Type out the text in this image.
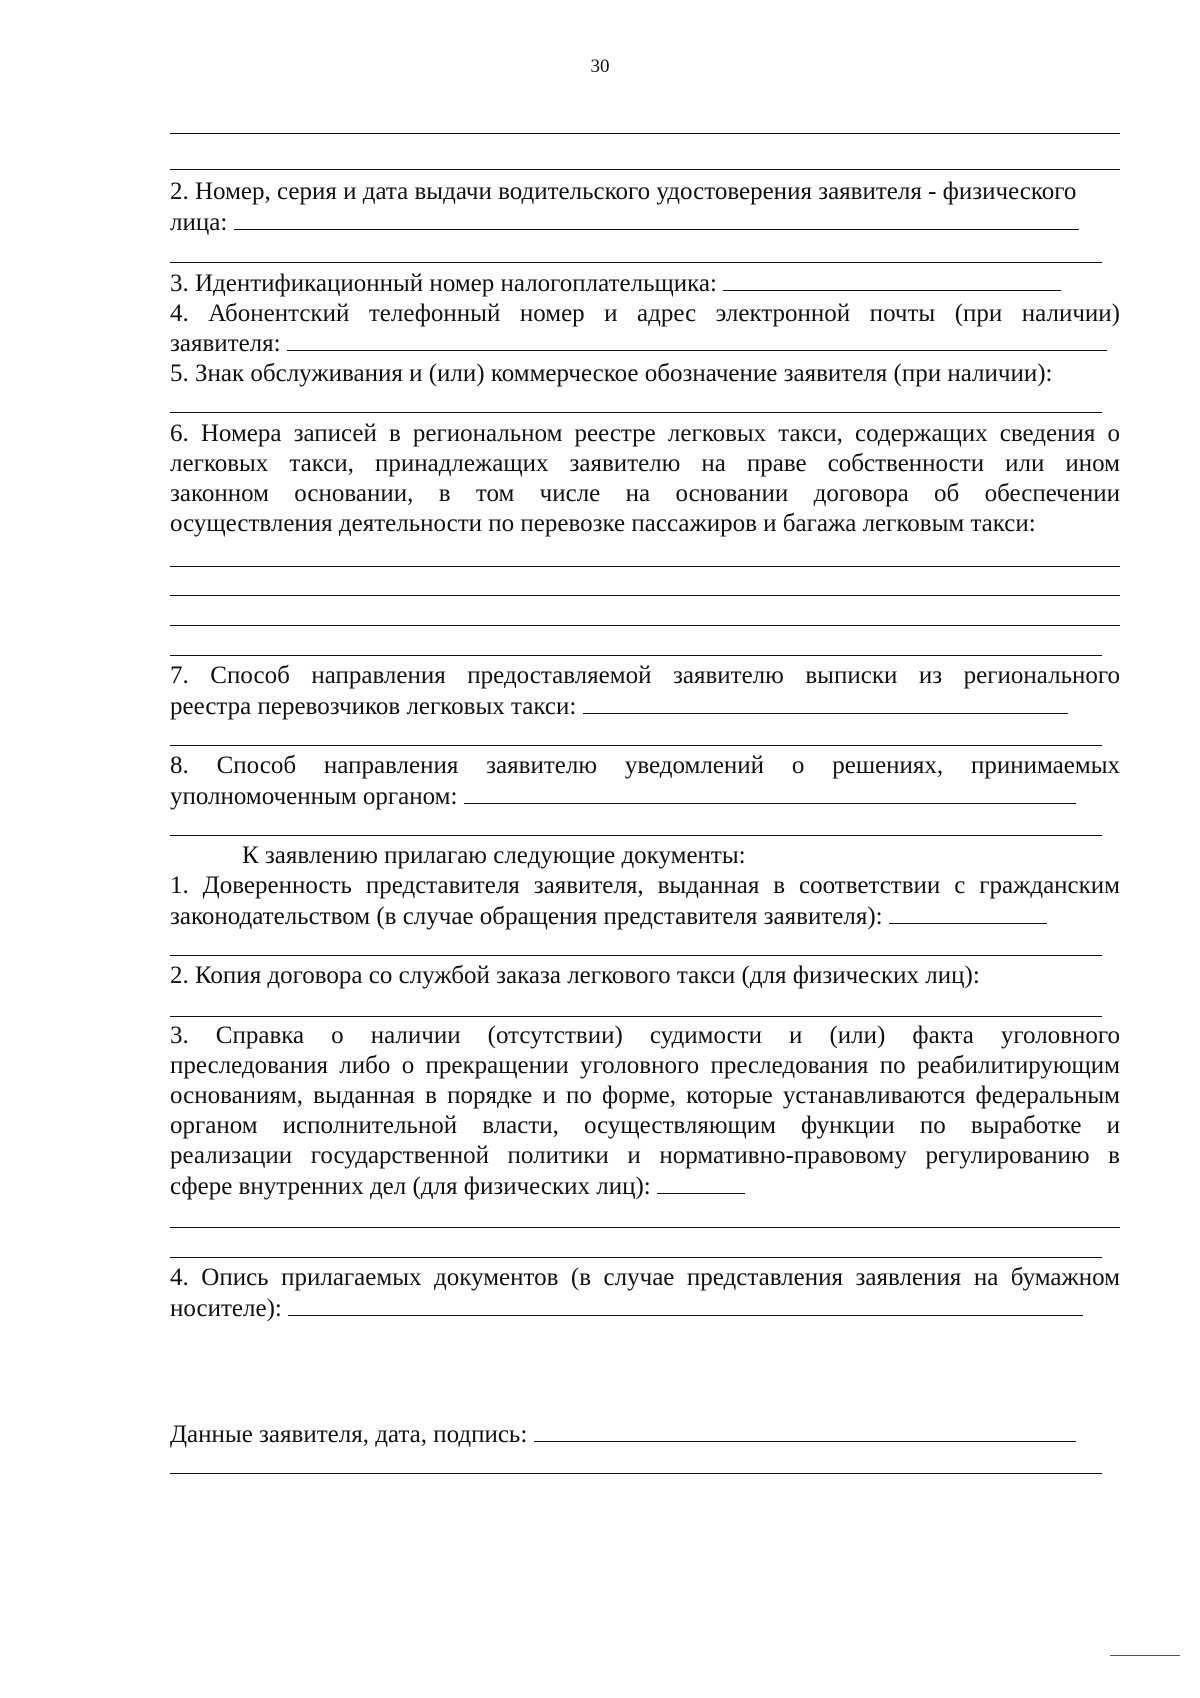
30
2. Номер, серия и дата выдачи водительского удостоверения заявителя - физического
лица:
3. Идентификационный номер налогоплательщика:
4. Абонентский телефонный номер и адрес электронной почты (при наличии)
заявителя:
5. Знак обслуживания и (или) коммерческое обозначение заявителя (при наличии):
6. Номера записей в региональном реестре легковых такси, содержащих сведения о
легковых такси, принадлежащих заявителю на праве собственности или ином
законном основании, в том числе на основании договора об обеспечении
осуществления деятельности по перевозке пассажиров и багажа легковым такси:
7. Способ направления предоставляемой заявителю выписки из регионального
реестра перевозчиков легковых такси:
8. Способ направления заявителю уведомлений о решениях, принимаемых
уполномоченным органом:
К заявлению прилагаю следующие документы:
1. Доверенность представителя заявителя, выданная в соответствии с гражданским
законодательством (в случае обращения представителя заявителя):
2. Копия договора со службой заказа легкового такси (для физических лиц):
3. Справка о наличии (отсутствии) судимости и (или) факта уголовного
преследования либо о прекращении уголовного преследования по реабилитирующим
основаниям, выданная в порядке и по форме, которые устанавливаются федеральным
органом исполнительной власти, осуществляющим функции по выработке и
реализации государственной политики и нормативно-правовому регулированию в
сфере внутренних дел (для физических лиц):
4. Опись прилагаемых документов (в случае представления заявления на бумажном
носителе):
Данные заявителя, дата, подпись:
